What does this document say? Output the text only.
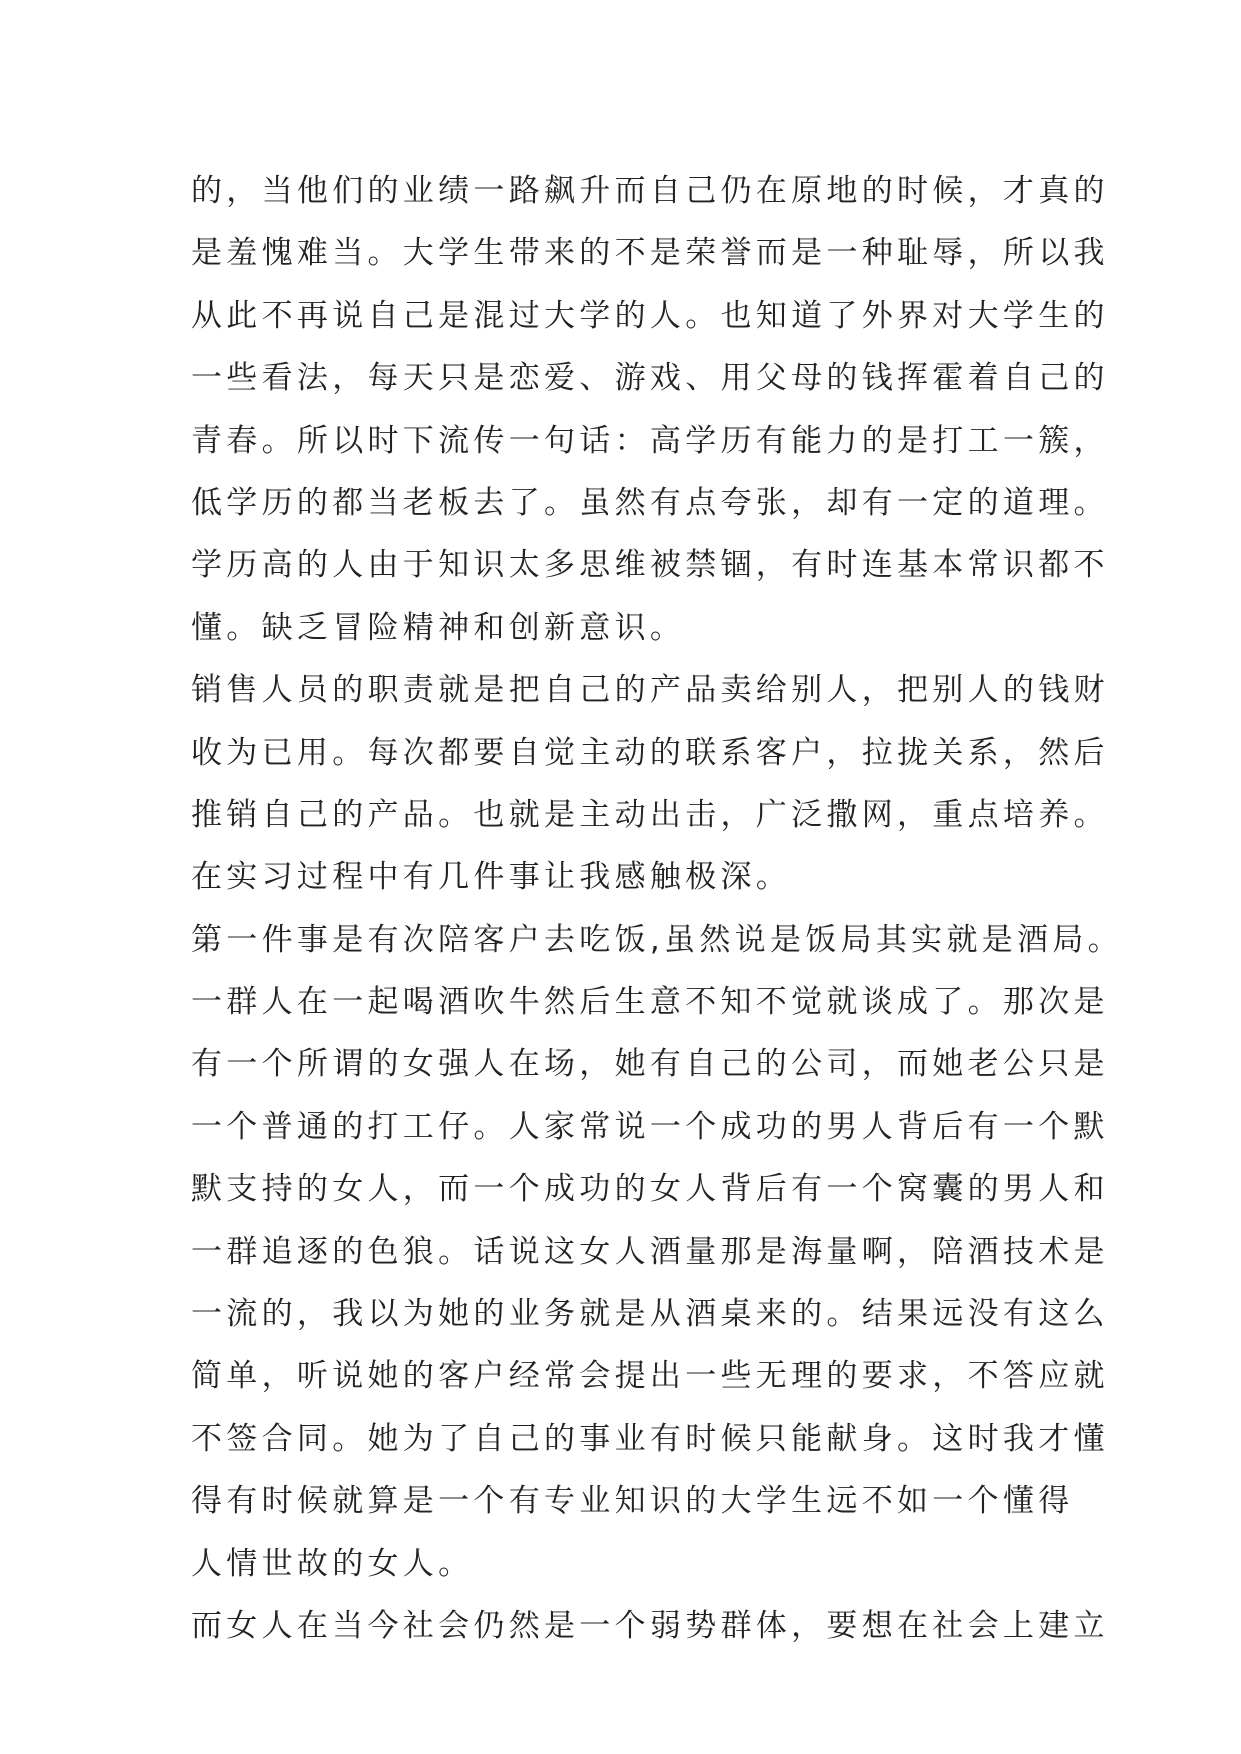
的，当他们的业绩一路飙升而自己仍在原地的时候，才真的
是羞愧难当。大学生带来的不是荣誉而是一种耻辱，所以我
从此不再说自己是混过大学的人。也知道了外界对大学生的
一些看法，每天只是恋爱、游戏、用父母的钱挥霍着自己的
青春。所以时下流传一句话：高学历有能力的是打工一簇，
低学历的都当老板去了。虽然有点夸张，却有一定的道理。
学历高的人由于知识太多思维被禁锢，有时连基本常识都不
懂。缺乏冒险精神和创新意识。
销售人员的职责就是把自己的产品卖给别人，把别人的钱财
收为已用。每次都要自觉主动的联系客户，拉拢关系，然后
推销自己的产品。也就是主动出击，广泛撒网，重点培养。
在实习过程中有几件事让我感触极深。
第一件事是有次陪客户去吃饭,虽然说是饭局其实就是酒局。
一群人在一起喝酒吹牛然后生意不知不觉就谈成了。那次是
有一个所谓的女强人在场，她有自己的公司，而她老公只是
一个普通的打工仔。人家常说一个成功的男人背后有一个默
默支持的女人，而一个成功的女人背后有一个窝囊的男人和
一群追逐的色狼。话说这女人酒量那是海量啊，陪酒技术是
一流的，我以为她的业务就是从酒桌来的。结果远没有这么
简单，听说她的客户经常会提出一些无理的要求，不答应就
不签合同。她为了自己的事业有时候只能献身。这时我才懂
得有时候就算是一个有专业知识的大学生远不如一个懂得
人情世故的女人。
而女人在当今社会仍然是一个弱势群体，要想在社会上建立
